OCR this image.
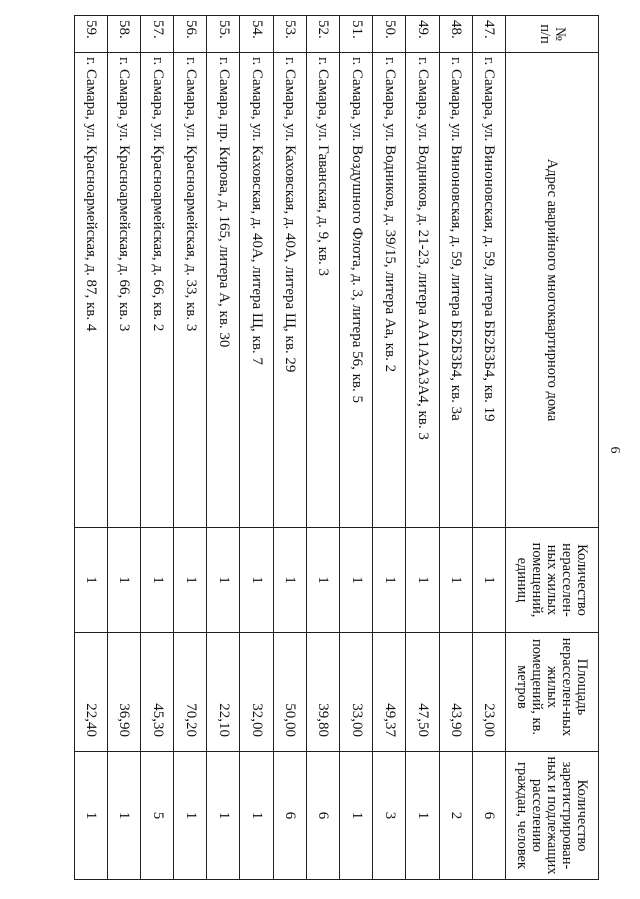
6
№ п/п	Адрес аварийного многоквартирного дома	Количество нерасселен-ных жилых помещений, единиц	Площадь нерасселен-ных жилых помещений, кв. метров	Количество зарегистрирован-ных и подлежащих расселению граждан, человек
47.	г. Самара, ул. Виноновская, д. 59, литера ББ2Б3Б4, кв. 19	1	23,00	6
48.	г. Самара, ул. Виноновская, д. 59, литера ББ2Б3Б4, кв. 3а	1	43,90	2
49.	г. Самара, ул. Водников, д. 21-23, литера АА1А2А3А4, кв. 3	1	47,50	1
50.	г. Самара, ул. Водников, д. 39/15, литера Аа, кв. 2	1	49,37	3
51.	г. Самара, ул. Воздушного Флота, д. 3, литера 56, кв. 5	1	33,00	1
52.	г. Самара, ул. Гаванская, д. 9, кв. 3	1	39,80	6
53.	г. Самара, ул. Каховская, д. 40А, литера Щ, кв. 29	1	50,00	6
54.	г. Самара, ул. Каховская, д. 40А, литера Щ, кв. 7	1	32,00	1
55.	г. Самара, пр. Кирова, д. 165, литера А, кв. 30	1	22,10	1
56.	г. Самара, ул. Красноармейская, д. 33, кв. 3	1	70,20	1
57.	г. Самара, ул. Красноармейская, д. 66, кв. 2	1	45,30	5
58.	г. Самара, ул. Красноармейская, д. 66, кв. 3	1	36,90	1
59.	г. Самара, ул. Красноармейская, д. 87, кв. 4	1	22,40	1
